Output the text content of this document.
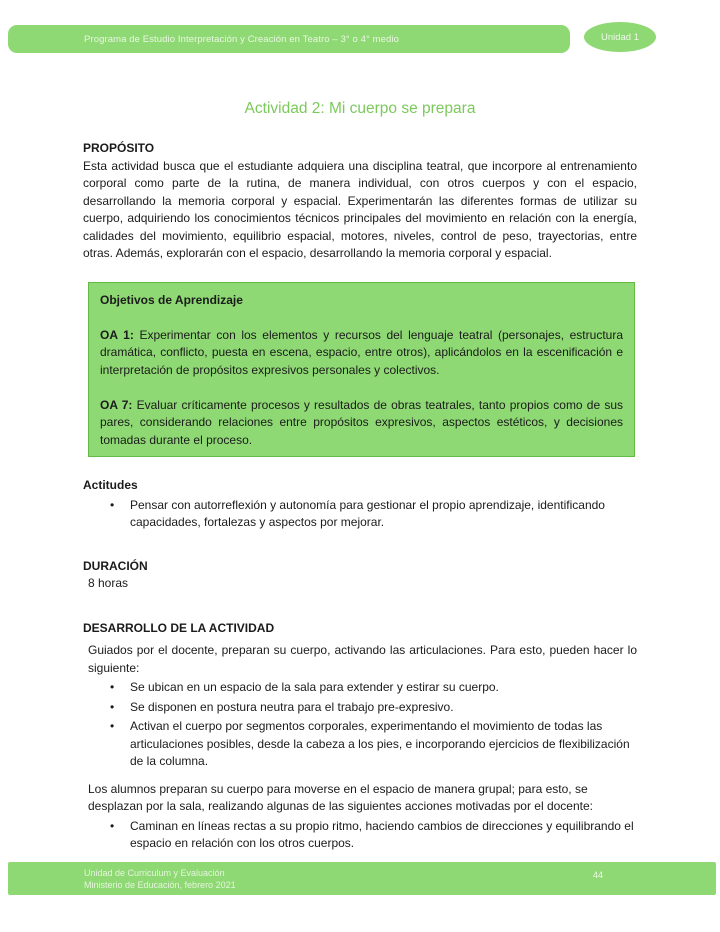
Programa de Estudio Interpretación y Creación en Teatro – 3° o 4° medio	Unidad 1
Actividad 2: Mi cuerpo se prepara
PROPÓSITO

Esta actividad busca que el estudiante adquiera una disciplina teatral, que incorpore al entrenamiento corporal como parte de la rutina, de manera individual, con otros cuerpos y con el espacio, desarrollando la memoria corporal y espacial. Experimentarán las diferentes formas de utilizar su cuerpo, adquiriendo los conocimientos técnicos principales del movimiento en relación con la energía, calidades del movimiento, equilibrio espacial, motores, niveles, control de peso, trayectorias, entre otras. Además, explorarán con el espacio, desarrollando la memoria corporal y espacial.

Objetivos de Aprendizaje

OA 1: Experimentar con los elementos y recursos del lenguaje teatral (personajes, estructura dramática, conflicto, puesta en escena, espacio, entre otros), aplicándolos en la escenificación e interpretación de propósitos expresivos personales y colectivos.

OA 7: Evaluar críticamente procesos y resultados de obras teatrales, tanto propios como de sus pares, considerando relaciones entre propósitos expresivos, aspectos estéticos, y decisiones tomadas durante el proceso.

Actitudes
• Pensar con autorreflexión y autonomía para gestionar el propio aprendizaje, identificando capacidades, fortalezas y aspectos por mejorar.
DURACIÓN
8 horas
DESARROLLO DE LA ACTIVIDAD

Guiados por el docente, preparan su cuerpo, activando las articulaciones. Para esto, pueden hacer lo siguiente:

• Se ubican en un espacio de la sala para extender y estirar su cuerpo.
• Se disponen en postura neutra para el trabajo pre-expresivo.
• Activan el cuerpo por segmentos corporales, experimentando el movimiento de todas las articulaciones posibles, desde la cabeza a los pies, e incorporando ejercicios de flexibilización de la columna.

Los alumnos preparan su cuerpo para moverse en el espacio de manera grupal; para esto, se desplazan por la sala, realizando algunas de las siguientes acciones motivadas por el docente:

• Caminan en líneas rectas a su propio ritmo, haciendo cambios de direcciones y equilibrando el espacio en relación con los otros cuerpos.
Unidad de Curriculum y Evaluación
Ministerio de Educación, febrero 2021
44
